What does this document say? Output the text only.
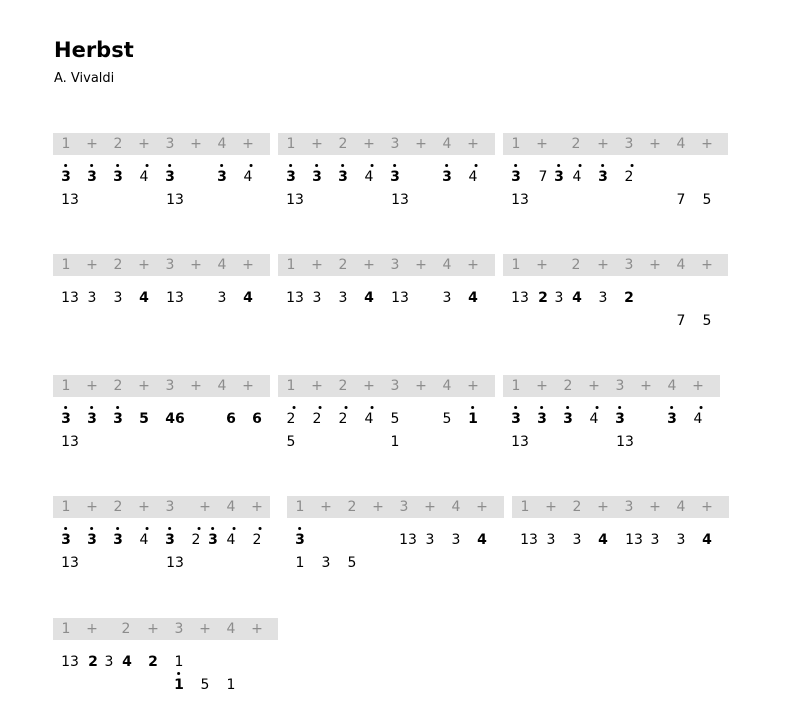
Herbst
A. Vivaldi
1 + 2 + 3 + 4 +
3 3 3 4 3	3 4
13	13
1 + 2 + 3 + 4 +
3 3 3 4 3	3 4
13	13
1 + 2 + 3 + 4 +
3 7 3 4 3 2
13	7 5
1 + 2 + 3 + 4 +
13 3 3 4 13 3 4
1 + 2 + 3 + 4 +
13 3 3 4 13 3 4
1 + 2 + 3 + 4 +
13 2 3 4 3 2
7 5
1 + 2 + 3 + 4 +
3 3 3 5 46	6 6
13
1 + 2 + 3 + 4 +
2 2 2 4 5	5 1
5	1
1 + 2 + 3 + 4 +
3 3 3 4 3	3 4
13	13
1 + 2 + 3 + 4 +
3 3 3 4 3 2 3 4 2
13	13
1 + 2 + 3 + 4 +
3	13 3 3 4
1 3 5
1 + 2 + 3 + 4 +
13 3 3 4 13 3 3 4
1 + 2 + 3 + 4 +
13 2 3 4 2 1
1 5 1
